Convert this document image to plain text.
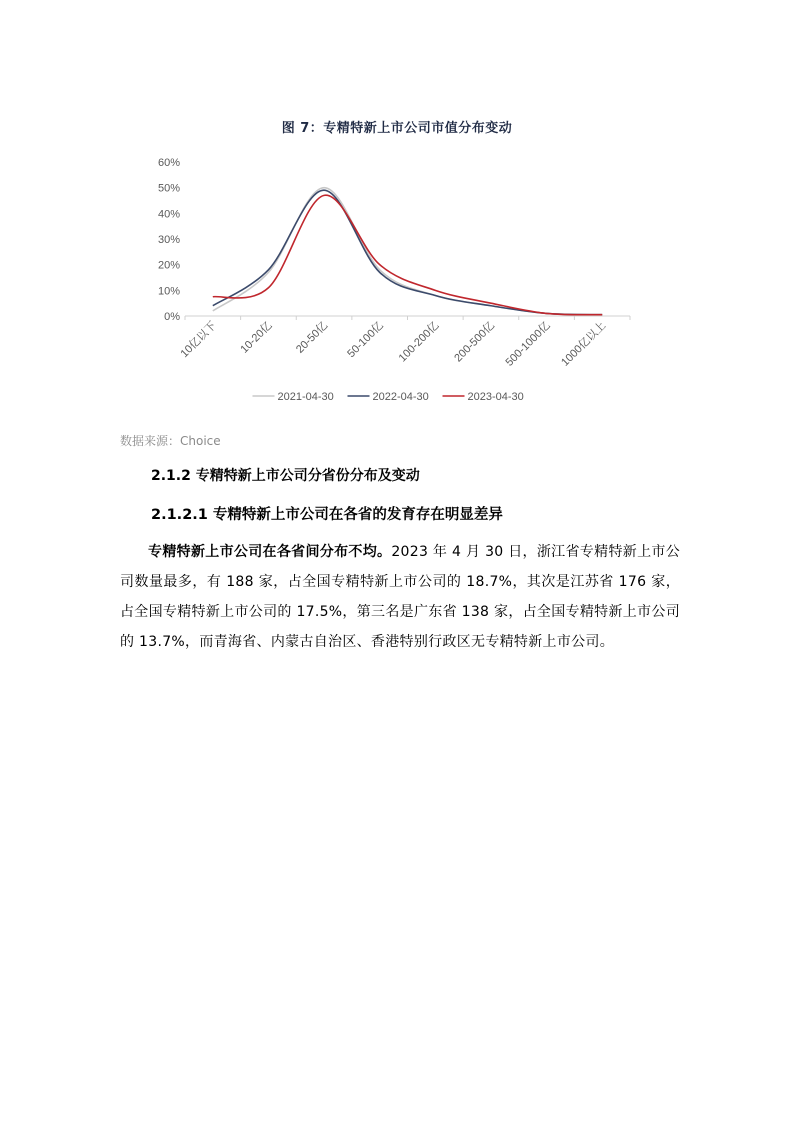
图 7：专精特新上市公司市值分布变动
0%
10%
20%
30%
40%
50%
60%
10亿以下 10-20亿 20-50亿 50-100亿 100-200亿 200-500亿 500-1000亿 1000亿以上
2021-04-30	2022-04-30	2023-04-30
数据来源：Choice
2.1.2 专精特新上市公司分省份分布及变动
2.1.2.1 专精特新上市公司在各省的发育存在明显差异
专精特新上市公司在各省间分布不均。2023 年 4 月 30 日，浙江省专精特新上市公司数量最多，有 188 家，占全国专精特新上市公司的 18.7%，其次是江苏省 176 家，占全国专精特新上市公司的 17.5%，第三名是广东省 138 家，占全国专精特新上市公司的 13.7%，而青海省、内蒙古自治区、香港特别行政区无专精特新上市公司。
